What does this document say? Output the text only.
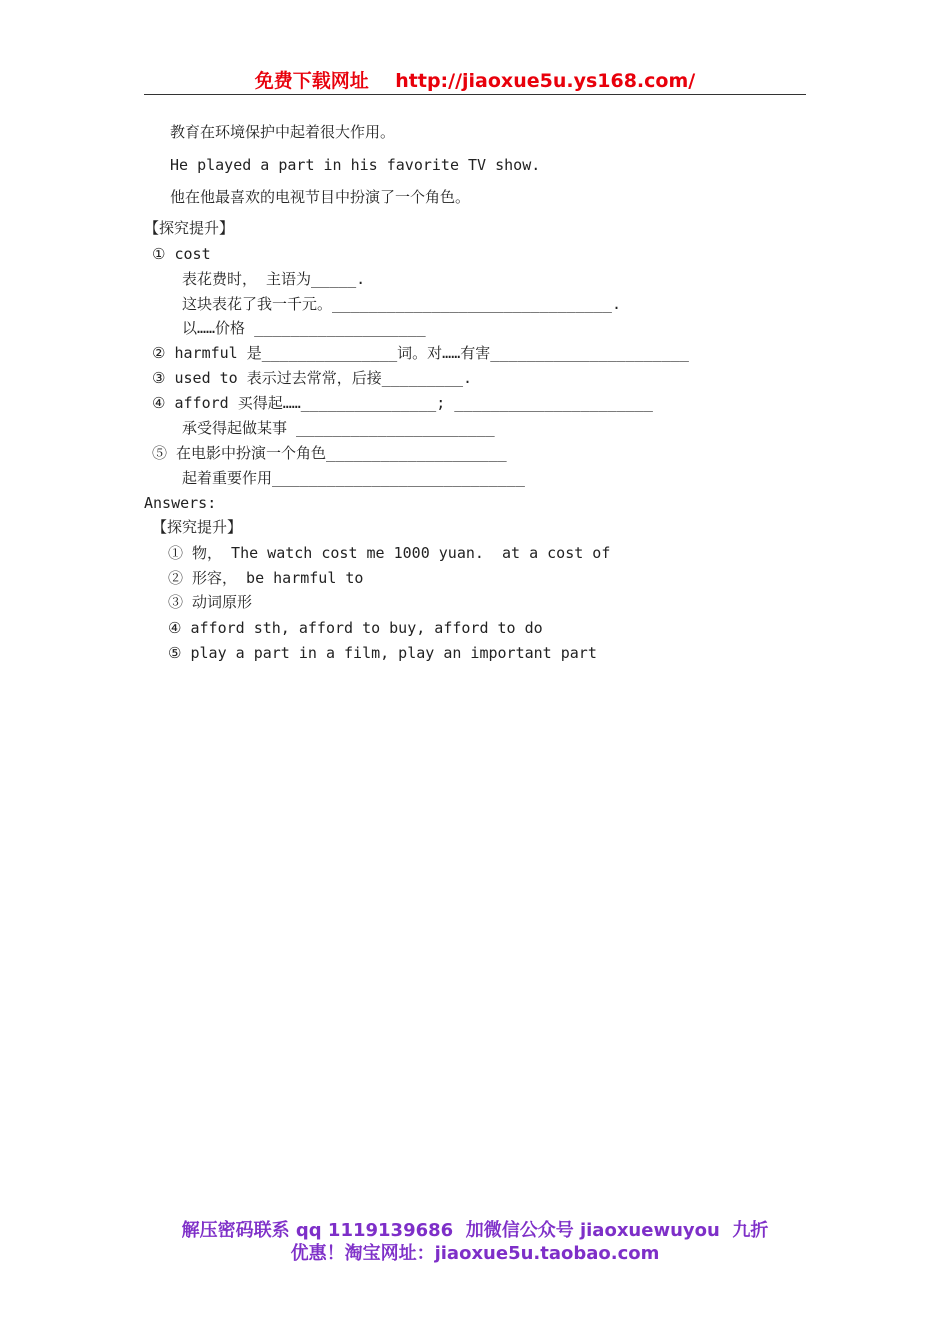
免费下载网址 http://jiaoxue5u.ys168.com/
教育在环境保护中起着很大作用。
He played a part in his favorite TV show.
他在他最喜欢的电视节目中扮演了一个角色。
【探究提升】
① cost
表花费时， 主语为_____.
这块表花了我一千元。_______________________________.
以……价格 ___________________
② harmful 是_______________词。对……有害______________________
③ used to 表示过去常常，后接_________.
④ afford 买得起……_______________; ______________________
承受得起做某事 ______________________
⑤ 在电影中扮演一个角色____________________
起着重要作用____________________________
Answers:
【探究提升】
① 物， The watch cost me 1000 yuan.  at a cost of
② 形容， be harmful to
③ 动词原形
④ afford sth, afford to buy, afford to do
⑤ play a part in a film, play an important part
解压密码联系 qq 1119139686  加微信公众号 jiaoxuewuyou  九折
优惠！淘宝网址：jiaoxue5u.taobao.com
